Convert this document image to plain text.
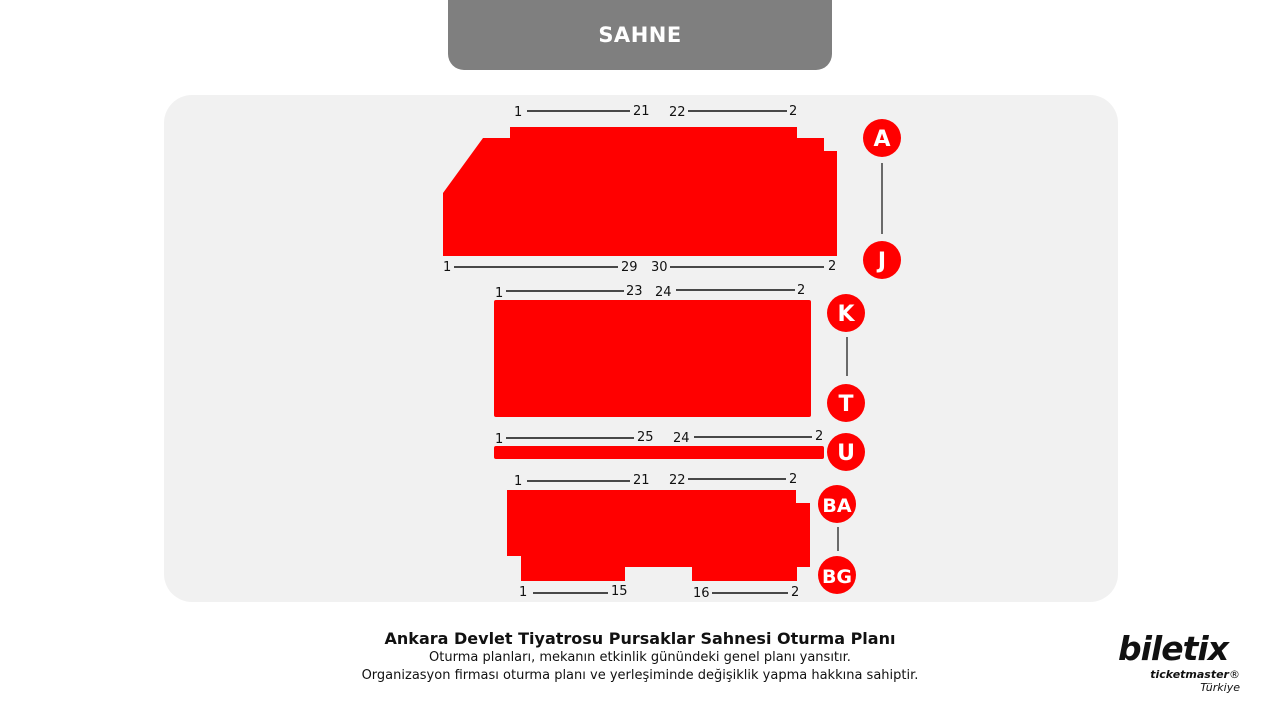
SAHNE
1	21 22	2
1	29 30	2
A
J
1	23 24	2
K
T
1	25 24	2
U
1	21 22	2
1	15	16	2
BA
BG
Ankara Devlet Tiyatrosu Pursaklar Sahnesi Oturma Planı
Oturma planları, mekanın etkinlik günündeki genel planı yansıtır.
Organizasyon firması oturma planı ve yerleşiminde değişiklik yapma hakkına sahiptir.
biletix
ticketmaster® Türkiye
